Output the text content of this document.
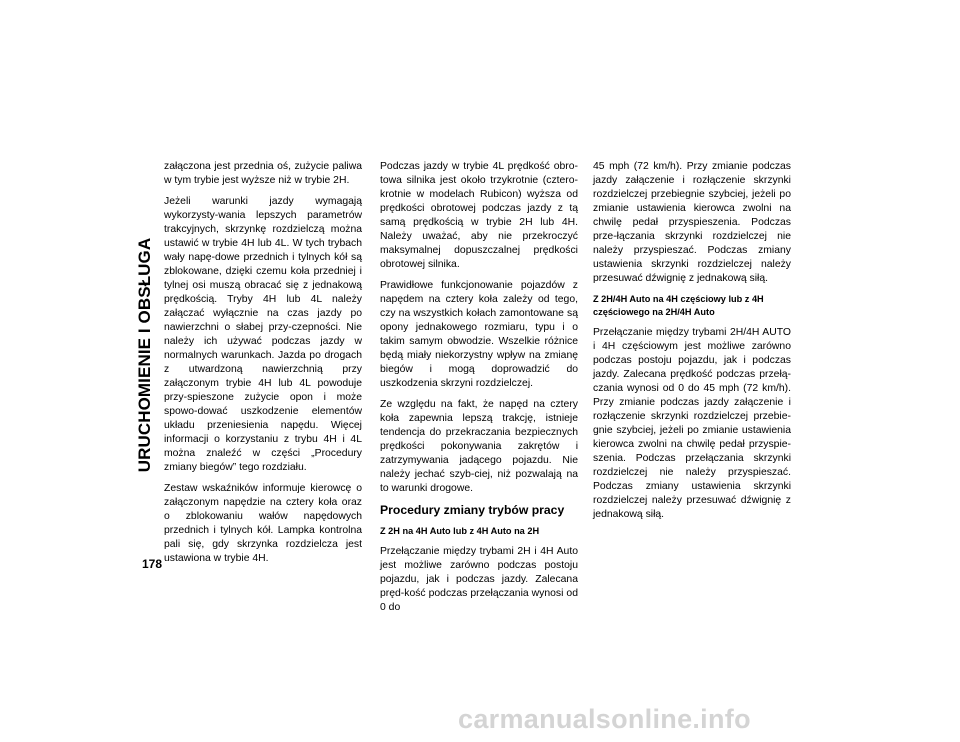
URUCHOMIENIE I OBSŁUGA

załączona jest przednia oś, zużycie paliwa w tym trybie jest wyższe niż w trybie 2H.

Jeżeli warunki jazdy wymagają wykorzysty-wania lepszych parametrów trakcyjnych, skrzynkę rozdzielczą można ustawić w trybie 4H lub 4L. W tych trybach wały napę-dowe przednich i tylnych kół są zblokowane, dzięki czemu koła przedniej i tylnej osi muszą obracać się z jednakową prędkością. Tryby 4H lub 4L należy załączać wyłącznie na czas jazdy po nawierzchni o słabej przy-czepności. Nie należy ich używać podczas jazdy w normalnych warunkach. Jazda po drogach z utwardzoną nawierzchnią przy załączonym trybie 4H lub 4L powoduje przy-spieszone zużycie opon i może spowo-dować uszkodzenie elementów układu przeniesienia napędu. Więcej informacji o korzystaniu z trybu 4H i 4L można znaleźć w części „Procedury zmiany biegów” tego rozdziału.

Zestaw wskaźników informuje kierowcę o załączonym napędzie na cztery koła oraz o zblokowaniu wałów napędowych przednich i tylnych kół. Lampka kontrolna pali się, gdy skrzynka rozdzielcza jest ustawiona w trybie 4H.

Podczas jazdy w trybie 4L prędkość obro-towa silnika jest około trzykrotnie (cztero-krotnie w modelach Rubicon) wyższa od prędkości obrotowej podczas jazdy z tą samą prędkością w trybie 2H lub 4H. Należy uważać, aby nie przekroczyć maksymalnej dopuszczalnej prędkości obrotowej silnika.

Prawidłowe funkcjonowanie pojazdów z napędem na cztery koła zależy od tego, czy na wszystkich kołach zamontowane są opony jednakowego rozmiaru, typu i o takim samym obwodzie. Wszelkie różnice będą miały niekorzystny wpływ na zmianę biegów i mogą doprowadzić do uszkodzenia skrzyni rozdzielczej.

Ze względu na fakt, że napęd na cztery koła zapewnia lepszą trakcję, istnieje tendencja do przekraczania bezpiecznych prędkości pokonywania zakrętów i zatrzymywania jadącego pojazdu. Nie należy jechać szyb-ciej, niż pozwalają na to warunki drogowe.

Procedury zmiany trybów pracy
Z 2H na 4H Auto lub z 4H Auto na 2H

Przełączanie między trybami 2H i 4H Auto jest możliwe zarówno podczas postoju pojazdu, jak i podczas jazdy. Zalecana pręd-kość podczas przełączania wynosi od 0 do

45 mph (72 km/h). Przy zmianie podczas jazdy załączenie i rozłączenie skrzynki rozdzielczej przebiegnie szybciej, jeżeli po zmianie ustawienia kierowca zwolni na chwilę pedał przyspieszenia. Podczas prze-łączania skrzynki rozdzielczej nie należy przyspieszać. Podczas zmiany ustawienia skrzynki rozdzielczej należy przesuwać dźwignię z jednakową siłą.

Z 2H/4H Auto na 4H częściowy lub z 4H częściowego na 2H/4H Auto

Przełączanie między trybami 2H/4H AUTO i 4H częściowym jest możliwe zarówno podczas postoju pojazdu, jak i podczas jazdy. Zalecana prędkość podczas przełą-czania wynosi od 0 do 45 mph (72 km/h). Przy zmianie podczas jazdy załączenie i rozłączenie skrzynki rozdzielczej przebie-gnie szybciej, jeżeli po zmianie ustawienia kierowca zwolni na chwilę pedał przyspie-szenia. Podczas przełączania skrzynki rozdzielczej nie należy przyspieszać. Podczas zmiany ustawienia skrzynki rozdzielczej należy przesuwać dźwignię z jednakową siłą.

178
carmanualsonline.info
